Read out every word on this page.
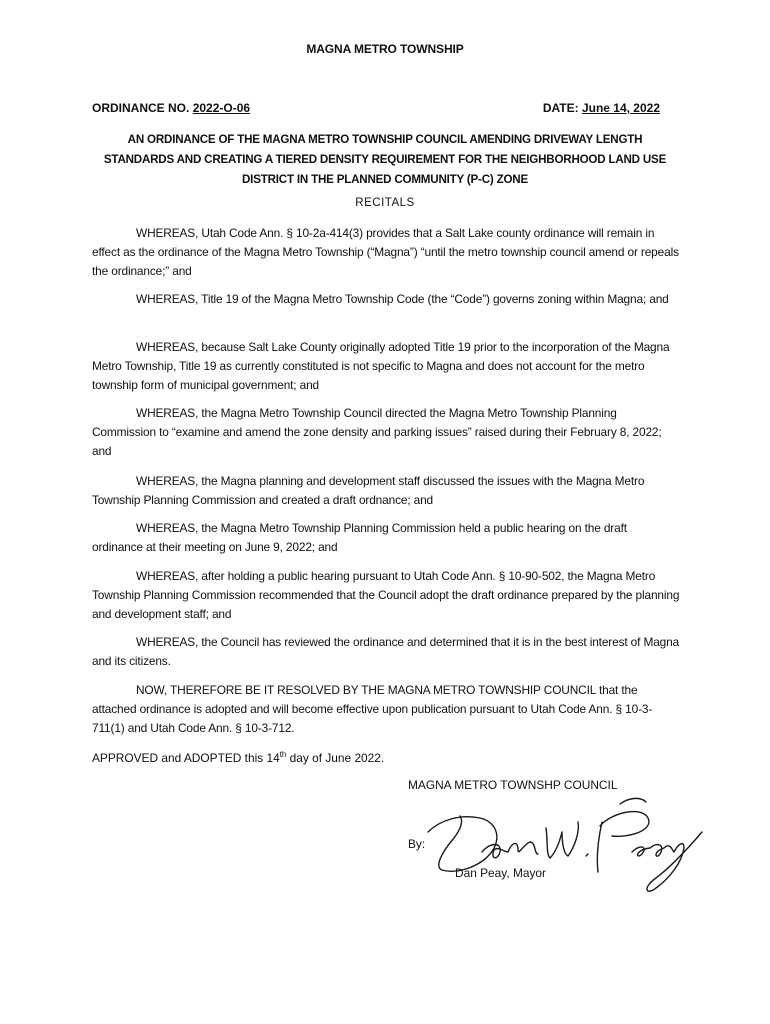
MAGNA METRO TOWNSHIP
ORDINANCE NO. 2022-O-06	DATE: June 14, 2022
AN ORDINANCE OF THE MAGNA METRO TOWNSHIP COUNCIL AMENDING DRIVEWAY LENGTH STANDARDS AND CREATING A TIERED DENSITY REQUIREMENT FOR THE NEIGHBORHOOD LAND USE DISTRICT IN THE PLANNED COMMUNITY (P-C) ZONE
RECITALS
WHEREAS, Utah Code Ann. § 10-2a-414(3) provides that a Salt Lake county ordinance will remain in effect as the ordinance of the Magna Metro Township (“Magna”) “until the metro township council amend or repeals the ordinance;” and
WHEREAS, Title 19 of the Magna Metro Township Code (the “Code”) governs zoning within Magna; and
WHEREAS, because Salt Lake County originally adopted Title 19 prior to the incorporation of the Magna Metro Township, Title 19 as currently constituted is not specific to Magna and does not account for the metro township form of municipal government; and
WHEREAS, the Magna Metro Township Council directed the Magna Metro Township Planning Commission to “examine and amend the zone density and parking issues” raised during their February 8, 2022; and
WHEREAS, the Magna planning and development staff discussed the issues with the Magna Metro Township Planning Commission and created a draft ordnance; and
WHEREAS, the Magna Metro Township Planning Commission held a public hearing on the draft ordinance at their meeting on June 9, 2022; and
WHEREAS, after holding a public hearing pursuant to Utah Code Ann. § 10-90-502, the Magna Metro Township Planning Commission recommended that the Council adopt the draft ordinance prepared by the planning and development staff; and
WHEREAS, the Council has reviewed the ordinance and determined that it is in the best interest of Magna and its citizens.
NOW, THEREFORE BE IT RESOLVED BY THE MAGNA METRO TOWNSHIP COUNCIL that the attached ordinance is adopted and will become effective upon publication pursuant to Utah Code Ann. § 10-3-711(1) and Utah Code Ann. § 10-3-712.
APPROVED and ADOPTED this 14th day of June 2022.
MAGNA METRO TOWNSHP COUNCIL
By:
Dan Peay, Mayor
